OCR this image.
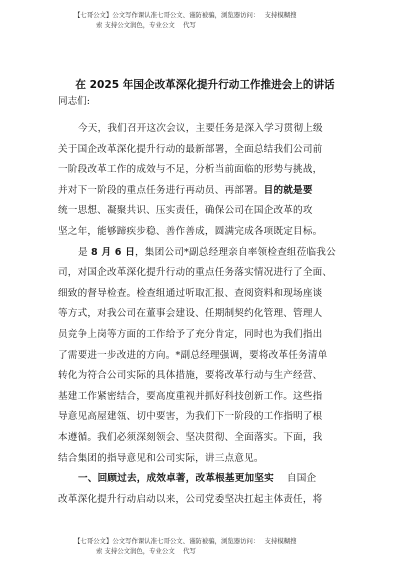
【七哥公文】公文写作课认准七哥公文、谨防被骗，浏览器访问：　 支持模糊搜
索 支持公文润色，专业公文　 代写
在 2025 年国企改革深化提升行动工作推进会上的讲话
同志们:
今天，我们召开这次会议，主要任务是深入学习贯彻上级
关于国企改革深化提升行动的最新部署，全面总结我们公司前
一阶段改革工作的成效与不足，分析当前面临的形势与挑战，
并对下一阶段的重点任务进行再动员、再部署。目的就是要
统一思想、凝聚共识、压实责任，确保公司在国企改革的攻
坚之年，能够蹄疾步稳、善作善成，圆满完成各项既定目标。
是 8 月 6 日，集团公司*副总经理亲自率领检查组莅临我公
司，对国企改革深化提升行动的重点任务落实情况进行了全面、
细致的督导检查。检查组通过听取汇报、查阅资料和现场座谈
等方式，对我公司在董事会建设、任期制契约化管理、管理人
员竞争上岗等方面的工作给予了充分肯定，同时也为我们指出
了需要进一步改进的方向。*副总经理强调，要将改革任务清单
转化为符合公司实际的具体措施，要将改革行动与生产经营、
基建工作紧密结合，要高度重视并抓好科技创新工作。这些指
导意见高屋建瓴、切中要害，为我们下一阶段的工作指明了根
本遵循。我们必须深刻领会、坚决贯彻、全面落实。下面，我
结合集团的指导意见和公司实际，讲三点意见。
一、回顾过去，成效卓著，改革根基更加坚实　 自国企
改革深化提升行动启动以来，公司党委坚决扛起主体责任，将
【七哥公文】公文写作课认准七哥公文、谨防被骗，浏览器访问：　 支持模糊搜
索 支持公文润色，专业公文　 代写
